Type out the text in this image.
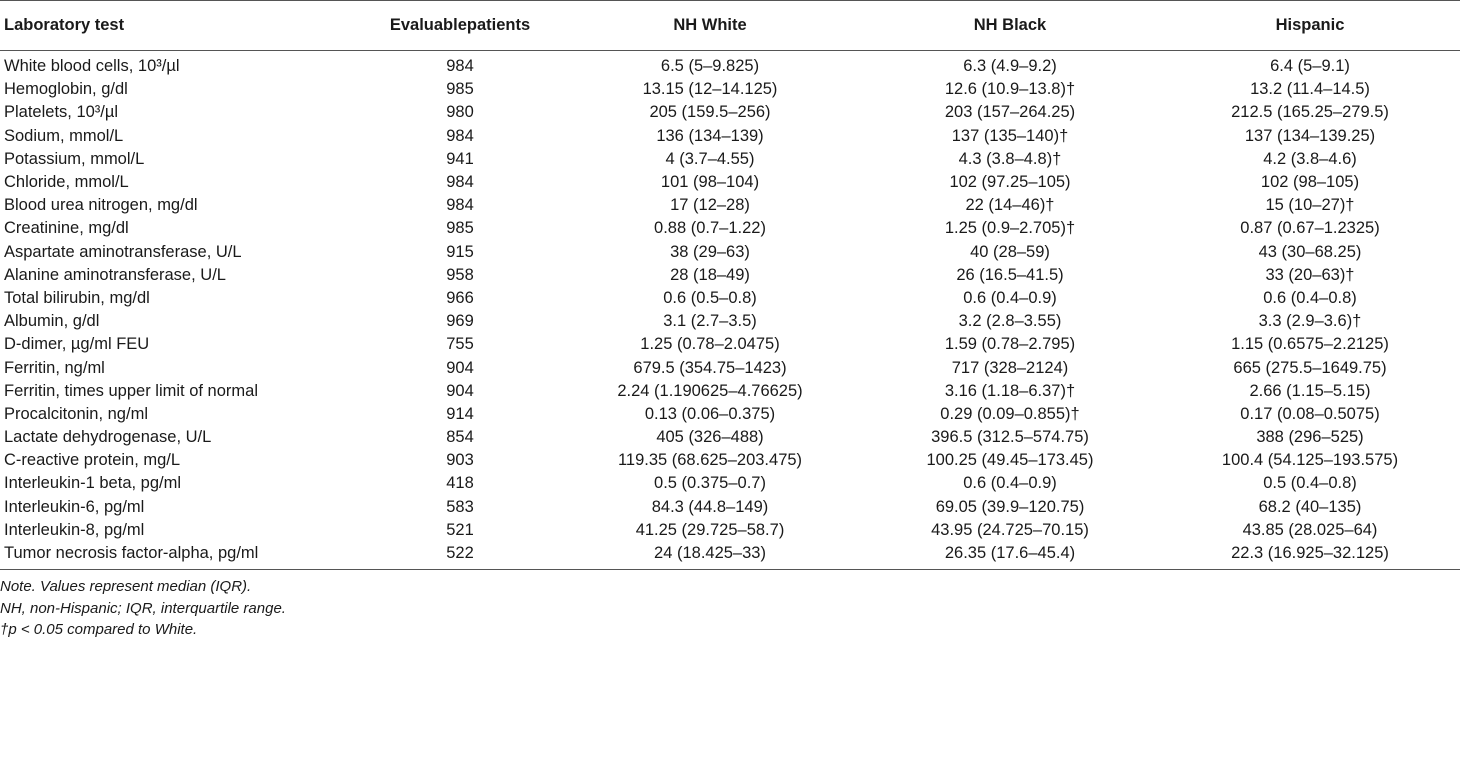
Laboratory test	Evaluablepatients	NH White	NH Black	Hispanic
White blood cells, 10³/µl	984	6.5 (5–9.825)	6.3 (4.9–9.2)	6.4 (5–9.1)
Hemoglobin, g/dl	985	13.15 (12–14.125)	12.6 (10.9–13.8)†	13.2 (11.4–14.5)
Platelets, 10³/µl	980	205 (159.5–256)	203 (157–264.25)	212.5 (165.25–279.5)
Sodium, mmol/L	984	136 (134–139)	137 (135–140)†	137 (134–139.25)
Potassium, mmol/L	941	4 (3.7–4.55)	4.3 (3.8–4.8)†	4.2 (3.8–4.6)
Chloride, mmol/L	984	101 (98–104)	102 (97.25–105)	102 (98–105)
Blood urea nitrogen, mg/dl	984	17 (12–28)	22 (14–46)†	15 (10–27)†
Creatinine, mg/dl	985	0.88 (0.7–1.22)	1.25 (0.9–2.705)†	0.87 (0.67–1.2325)
Aspartate aminotransferase, U/L	915	38 (29–63)	40 (28–59)	43 (30–68.25)
Alanine aminotransferase, U/L	958	28 (18–49)	26 (16.5–41.5)	33 (20–63)†
Total bilirubin, mg/dl	966	0.6 (0.5–0.8)	0.6 (0.4–0.9)	0.6 (0.4–0.8)
Albumin, g/dl	969	3.1 (2.7–3.5)	3.2 (2.8–3.55)	3.3 (2.9–3.6)†
D-dimer, µg/ml FEU	755	1.25 (0.78–2.0475)	1.59 (0.78–2.795)	1.15 (0.6575–2.2125)
Ferritin, ng/ml	904	679.5 (354.75–1423)	717 (328–2124)	665 (275.5–1649.75)
Ferritin, times upper limit of normal	904	2.24 (1.190625–4.76625)	3.16 (1.18–6.37)†	2.66 (1.15–5.15)
Procalcitonin, ng/ml	914	0.13 (0.06–0.375)	0.29 (0.09–0.855)†	0.17 (0.08–0.5075)
Lactate dehydrogenase, U/L	854	405 (326–488)	396.5 (312.5–574.75)	388 (296–525)
C-reactive protein, mg/L	903	119.35 (68.625–203.475)	100.25 (49.45–173.45)	100.4 (54.125–193.575)
Interleukin-1 beta, pg/ml	418	0.5 (0.375–0.7)	0.6 (0.4–0.9)	0.5 (0.4–0.8)
Interleukin-6, pg/ml	583	84.3 (44.8–149)	69.05 (39.9–120.75)	68.2 (40–135)
Interleukin-8, pg/ml	521	41.25 (29.725–58.7)	43.95 (24.725–70.15)	43.85 (28.025–64)
Tumor necrosis factor-alpha, pg/ml	522	24 (18.425–33)	26.35 (17.6–45.4)	22.3 (16.925–32.125)
Note. Values represent median (IQR).
NH, non-Hispanic; IQR, interquartile range.
†p < 0.05 compared to White.
